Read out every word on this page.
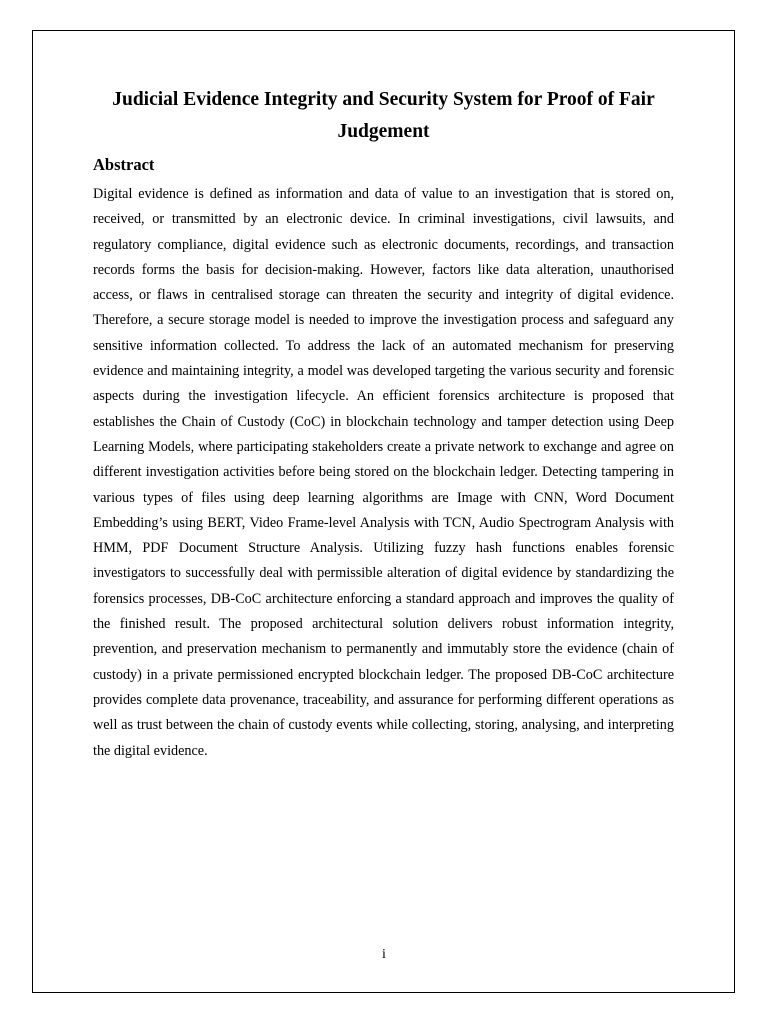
Judicial Evidence Integrity and Security System for Proof of Fair Judgement
Abstract

Digital evidence is defined as information and data of value to an investigation that is stored on, received, or transmitted by an electronic device. In criminal investigations, civil lawsuits, and regulatory compliance, digital evidence such as electronic documents, recordings, and transaction records forms the basis for decision-making. However, factors like data alteration, unauthorised access, or flaws in centralised storage can threaten the security and integrity of digital evidence. Therefore, a secure storage model is needed to improve the investigation process and safeguard any sensitive information collected. To address the lack of an automated mechanism for preserving evidence and maintaining integrity, a model was developed targeting the various security and forensic aspects during the investigation lifecycle. An efficient forensics architecture is proposed that establishes the Chain of Custody (CoC) in blockchain technology and tamper detection using Deep Learning Models, where participating stakeholders create a private network to exchange and agree on different investigation activities before being stored on the blockchain ledger. Detecting tampering in various types of files using deep learning algorithms are Image with CNN, Word Document Embedding’s using BERT, Video Frame-level Analysis with TCN, Audio Spectrogram Analysis with HMM, PDF Document Structure Analysis. Utilizing fuzzy hash functions enables forensic investigators to successfully deal with permissible alteration of digital evidence by standardizing the forensics processes, DB-CoC architecture enforcing a standard approach and improves the quality of the finished result. The proposed architectural solution delivers robust information integrity, prevention, and preservation mechanism to permanently and immutably store the evidence (chain of custody) in a private permissioned encrypted blockchain ledger. The proposed DB-CoC architecture provides complete data provenance, traceability, and assurance for performing different operations as well as trust between the chain of custody events while collecting, storing, analysing, and interpreting the digital evidence.

i
